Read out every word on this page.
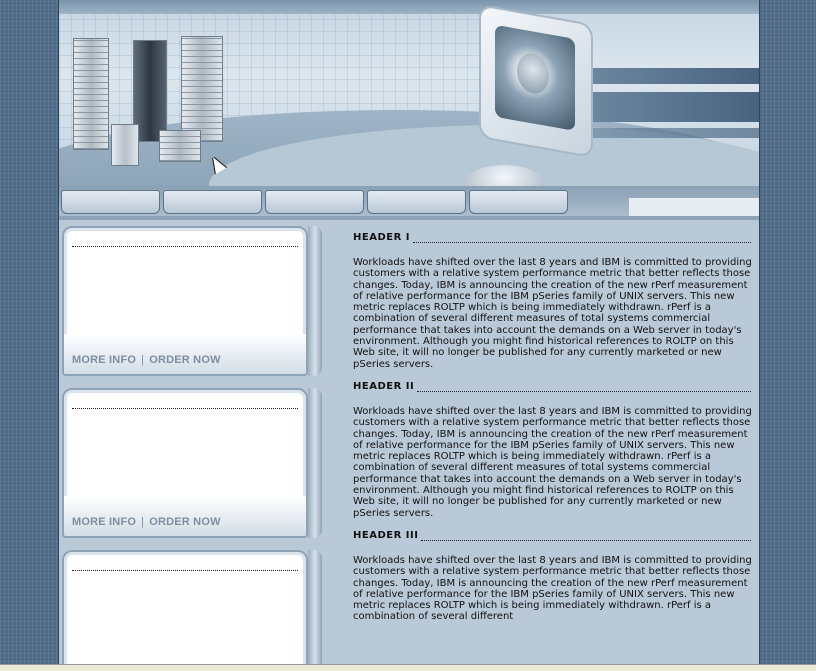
MORE INFO | ORDER NOW
MORE INFO | ORDER NOW
HEADER I
Workloads have shifted over the last 8 years and IBM is committed to providing customers with a relative system performance metric that better reflects those changes. Today, IBM is announcing the creation of the new rPerf measurement of relative performance for the IBM pSeries family of UNIX servers. This new metric replaces ROLTP which is being immediately withdrawn. rPerf is a combination of several different measures of total systems commercial performance that takes into account the demands on a Web server in today's environment. Although you might find historical references to ROLTP on this Web site, it will no longer be published for any currently marketed or new pSeries servers.
HEADER II
Workloads have shifted over the last 8 years and IBM is committed to providing customers with a relative system performance metric that better reflects those changes. Today, IBM is announcing the creation of the new rPerf measurement of relative performance for the IBM pSeries family of UNIX servers. This new metric replaces ROLTP which is being immediately withdrawn. rPerf is a combination of several different measures of total systems commercial performance that takes into account the demands on a Web server in today's environment. Although you might find historical references to ROLTP on this Web site, it will no longer be published for any currently marketed or new pSeries servers.
HEADER III
Workloads have shifted over the last 8 years and IBM is committed to providing customers with a relative system performance metric that better reflects those changes. Today, IBM is announcing the creation of the new rPerf measurement of relative performance for the IBM pSeries family of UNIX servers. This new metric replaces ROLTP which is being immediately withdrawn. rPerf is a combination of several different
